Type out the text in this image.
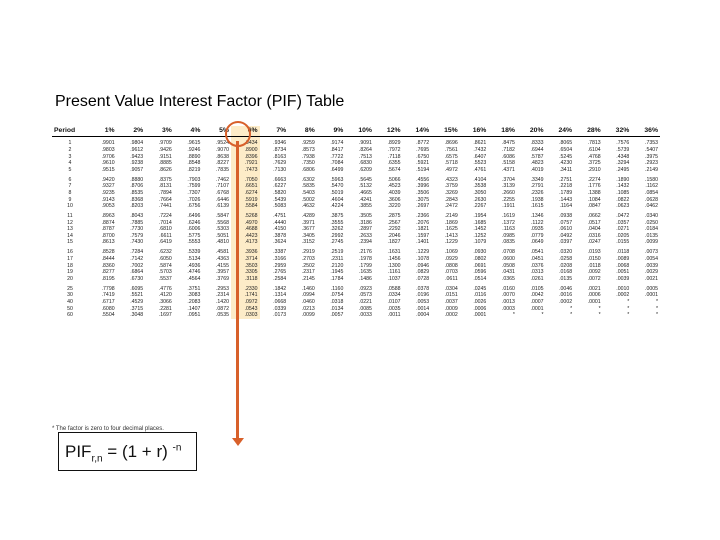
Present Value Interest Factor (PIF) Table
Period	1%	2%	3%	4%	5%	6%	7%	8%	9%	10%	12%	14%	15%	16%	18%	20%	24%	28%	32%	36%
1	.9901	.9804	.9709	.9615	.9524	.9434	.9346	.9259	.9174	.9091	.8929	.8772	.8696	.8621	.8475	.8333	.8065	.7813	.7576	.7353
2	.9803	.9612	.9426	.9246	.9070	.8900	.8734	.8573	.8417	.8264	.7972	.7695	.7561	.7432	.7182	.6944	.6504	.6104	.5739	.5407
3	.9706	.9423	.9151	.8890	.8638	.8396	.8163	.7938	.7722	.7513	.7118	.6750	.6575	.6407	.6086	.5787	.5245	.4768	.4348	.3975
4	.9610	.9238	.8885	.8548	.8227	.7921	.7629	.7350	.7084	.6830	.6355	.5921	.5718	.5523	.5158	.4823	.4230	.3725	.3294	.2923
5	.9515	.9057	.8626	.8219	.7835	.7473	.7130	.6806	.6499	.6209	.5674	.5194	.4972	.4761	.4371	.4019	.3411	.2910	.2495	.2149
6	.9420	.8880	.8375	.7903	.7462	.7050	.6663	.6302	.5963	.5645	.5066	.4556	.4323	.4104	.3704	.3349	.2751	.2274	.1890	.1580
7	.9327	.8706	.8131	.7599	.7107	.6651	.6227	.5835	.5470	.5132	.4523	.3996	.3759	.3538	.3139	.2791	.2218	.1776	.1432	.1162
8	.9235	.8535	.7894	.7307	.6768	.6274	.5820	.5403	.5019	.4665	.4039	.3506	.3269	.3050	.2660	.2326	.1789	.1388	.1085	.0854
9	.9143	.8368	.7664	.7026	.6446	.5919	.5439	.5002	.4604	.4241	.3606	.3075	.2843	.2630	.2255	.1938	.1443	.1084	.0822	.0628
10	.9053	.8203	.7441	.6756	.6139	.5584	.5083	.4632	.4224	.3855	.3220	.2697	.2472	.2267	.1911	.1615	.1164	.0847	.0623	.0462
11	.8963	.8043	.7224	.6496	.5847	.5268	.4751	.4289	.3875	.3505	.2875	.2366	.2149	.1954	.1619	.1346	.0938	.0662	.0472	.0340
12	.8874	.7885	.7014	.6246	.5568	.4970	.4440	.3971	.3555	.3186	.2567	.2076	.1869	.1685	.1372	.1122	.0757	.0517	.0357	.0250
13	.8787	.7730	.6810	.6006	.5303	.4688	.4150	.3677	.3262	.2897	.2292	.1821	.1625	.1452	.1163	.0935	.0610	.0404	.0271	.0184
14	.8700	.7579	.6611	.5775	.5051	.4423	.3878	.3405	.2992	.2633	.2046	.1597	.1413	.1252	.0985	.0779	.0492	.0316	.0205	.0135
15	.8613	.7430	.6419	.5553	.4810	.4173	.3624	.3152	.2745	.2394	.1827	.1401	.1229	.1079	.0835	.0649	.0397	.0247	.0155	.0099
16	.8528	.7284	.6232	.5339	.4581	.3936	.3387	.2919	.2519	.2176	.1631	.1229	.1069	.0930	.0708	.0541	.0320	.0193	.0118	.0073
17	.8444	.7142	.6050	.5134	.4363	.3714	.3166	.2703	.2311	.1978	.1456	.1078	.0929	.0802	.0600	.0451	.0258	.0150	.0089	.0054
18	.8360	.7002	.5874	.4936	.4155	.3503	.2959	.2502	.2120	.1799	.1300	.0946	.0808	.0691	.0508	.0376	.0208	.0118	.0068	.0039
19	.8277	.6864	.5703	.4746	.3957	.3305	.2765	.2317	.1945	.1635	.1161	.0829	.0703	.0596	.0431	.0313	.0168	.0092	.0051	.0029
20	.8195	.6730	.5537	.4564	.3769	.3118	.2584	.2145	.1784	.1486	.1037	.0728	.0611	.0514	.0365	.0261	.0135	.0072	.0039	.0021
25	.7798	.6095	.4776	.3751	.2953	.2330	.1842	.1460	.1160	.0923	.0588	.0378	.0304	.0245	.0160	.0105	.0046	.0021	.0010	.0005
30	.7419	.5521	.4120	.3083	.2314	.1741	.1314	.0994	.0754	.0573	.0334	.0196	.0151	.0116	.0070	.0042	.0016	.0006	.0002	.0001
40	.6717	.4529	.3066	.2083	.1420	.0972	.0668	.0460	.0318	.0221	.0107	.0053	.0037	.0026	.0013	.0007	.0002	.0001	*	*
50	.6080	.3715	.2281	.1407	.0872	.0543	.0339	.0213	.0134	.0085	.0035	.0014	.0009	.0006	.0003	.0001	*	*	*	*
60	.5504	.3048	.1697	.0951	.0535	.0303	.0173	.0099	.0057	.0033	.0011	.0004	.0002	.0001	*	*	*	*	*	*
* The factor is zero to four decimal places.
$PIF_{r,n} = (1 + r)$ $^{-n}$
